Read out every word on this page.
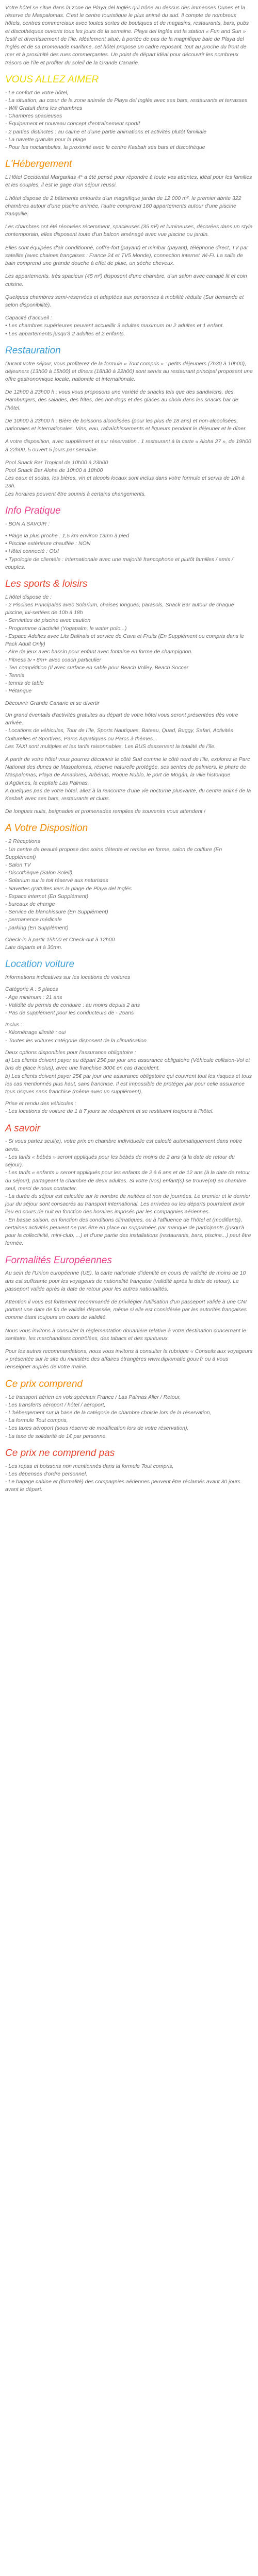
Votre hôtel se situe dans la zone de Playa del Inglés qui trône au dessus des immenses Dunes et la réserve de Maspalomas. C'est le centre touristique le plus animé du sud. Il compte de nombreux hôtels, centres commerciaux avec toutes sortes de boutiques et de magasins, restaurants, bars, pubs et discothèques ouverts tous les jours de la semaine. Playa del Inglés est la station « Fun and Sun » festif et divertissement de l'île. Idéalement situé, à portée de pas de la magnifique baie de Playa del Inglés et de sa promenade maritime, cet hôtel propose un cadre reposant, tout au proche du front de mer et à proximité des rues commerçantes. Un point de départ idéal pour découvrir les nombreux trésors de l'île et profiter du soleil de la Grande Canarie.

VOUS ALLEZ AIMER
- Le confort de votre hôtel,
- La situation, au cœur de la zone animée de Playa del Inglés avec ses bars, restaurants et terrasses
- Wifi Gratuit dans les chambres
- Chambres spacieuses
- Équipement et nouveau concept d'entraînement sportif
- 2 parties distinctes : au calme et d'une partie animations et activités plutôt familiale
- La navette gratuite pour la plage
- Pour les noctambules, la proximité avec le centre Kasbah ses bars et discothèque
L'Hébergement

L'Hôtel Occidental Margaritas 4* a été pensé pour répondre à toute vos attentes, idéal pour les familles et les couples, il est le gage d'un séjour réussi.

L'hôtel dispose de 2 bâtiments entourés d'un magnifique jardin de 12 000 m², le premier abrite 322 chambres autour d'une piscine animée, l'autre comprend 160 appartements autour d'une piscine tranquille.

Les chambres ont été rénovées récemment, spacieuses (35 m²) et lumineuses, décorées dans un style contemporain, elles disposent toute d'un balcon aménagé avec vue piscine ou jardin.

Elles sont équipées d'air conditionné, coffre-fort (payant) et minibar (payant), téléphone direct, TV par satellite (avec chaines françaises : France 24 et TV5 Monde), connection internet Wi-Fi. La salle de bain comprend une grande douche à effet de pluie, un sèche cheveux.

Les appartements, très spacieux (45 m²) disposent d'une chambre, d'un salon avec canapé lit et coin cuisine.

Quelques chambres semi-réservées et adaptées aux personnes à mobilité réduite (Sur demande et selon disponibilité).

Capacité d'accueil :
• Les chambres supérieures peuvent accueillir 3 adultes maximum ou 2 adultes et 1 enfant.
• Les appartements jusqu'à 2 adultes et 2 enfants.
Restauration

Durant votre séjour, vous profiterez de la formule « Tout compris » : petits déjeuners (7h30 à 10h00), déjeuners (13h00 à 15h00) et dîners (18h30 à 22h00) sont servis au restaurant principal proposant une offre gastronomique locale, nationale et internationale.

De 12h00 à 23h00 h : vous vous proposons une variété de snacks tels que des sandwichs, des Hamburgers, des salades, des frites, des hot-dogs et des glaces au choix dans les snacks bar de l'hôtel.

De 10h00 à 23h00 h : Bière de boissons alcoolisées (pour les plus de 18 ans) et non-alcoolisées, nationales et internationales. Vins, eau, rafraîchissements et liqueurs pendant le déjeuner et le dîner.

A votre disposition, avec supplément et sur réservation : 1 restaurant à la carte « Aloha 27 », de 19h00 à 22h00, 5 ouvert 5 jours par semaine.

Pool Snack Bar Tropical de 10h00 à 23h00
Pool Snack Bar Aloha de 10h00 à 18h00
Les eaux et sodas, les bières, vin et alcools locaux sont inclus dans votre formule et servis de 10h à 23h.
Les horaires peuvent être soumis à certains changements.

Info Pratique
- BON A SAVOIR :
• Plage la plus proche : 1,5 km environ 13mn à pied
• Piscine extérieure chauffée : NON
• Hôtel connecté : OUI
• Typologie de clientèle : internationale avec une majorité francophone et plutôt familles / amis / couples.
Les sports & loisirs
L'hôtel dispose de :
- 2 Piscines Principales avec Solarium, chaises longues, parasols, Snack Bar autour de chaque piscine, lui-settées de 10h à 18h
- Serviettes de piscine avec caution
- Programme d'activité (Yogapalm, le water polo...)
- Espace Adultes avec Lits Balinais et service de Cava et Fruits (En Supplément ou compris dans le Pack Adult Only)
- Aire de jeux avec bassin pour enfant avec fontaine en forme de champignon.
- Fitness tv • 8m+ avec coach particulier
- Ten compétition (Il avec surface en sable pour Beach Volley, Beach Soccer
- Tennis
- tennis de table
- Pétanque
Découvrir Grande Canarie et se divertir
Un grand éventails d'activités gratuites au départ de votre hôtel vous seront présentées dès votre arrivée.
- Locations de véhicules, Tour de l'île, Sports Nautiques, Bateau, Quad, Buggy, Safari, Activités Culturelles et Sportives, Parcs Aquatiques ou Parcs à thèmes...
Les TAXI sont multiples et les tarifs raisonnables. Les BUS desservent la totalité de l'île.

A partir de votre hôtel vous pourrez découvrir le côté Sud comme le côté nord de l'île, explorez le Parc National des dunes de Maspalomas, réserve naturelle protégée, ses sentes de palmiers, le phare de Maspalomas, Playa de Amadores, Arbénas, Roque Nublo, le port de Mogán, la ville historique d'Agüimes, la capitale Las Palmas.
A quelques pas de votre hôtel, allez à la rencontre d'une vie nocturne plusvante, du centre animé de la Kasbah avec ses bars, restaurants et clubs.

De longues nuits, baignades et promenades remplies de souvenirs vous attendent !

A Votre Disposition
- 2 Réceptions
- Un centre de beauté propose des soins détente et remise en forme, salon de coiffure (En Supplément)
- Salon TV
- Discothèque (Salon Soleil)
- Solarium sur le toit réservé aux naturistes
- Navettes gratuites vers la plage de Playa del Inglés
- Espace internet (En Supplément)
- bureaux de change
- Service de blanchissure (En Supplément)
- permanence médicale
- parking (En Supplément)
Check-in à partir 15h00 et Check-out à 12h00
Late departs et à 30mn.
Location voiture
Informations indicatives sur les locations de voitures
Catégorie A : 5 places
- Age minimum : 21 ans
- Validité du permis de conduire : au moins depuis 2 ans
- Pas de supplément pour les conducteurs de - 25ans
Inclus :
- Kilométrage illimité : oui
- Toutes les voitures catégorie disposent de la climatisation.
Deux options disponibles pour l'assurance obligatoire :
a) Les clients doivent payer au départ 25€ par jour une assurance obligatoire (Véhicule collision-Vol et bris de glace inclus), avec une franchise 300€ en cas d'accident.
b) Les clients doivent payer 25€ par jour une assurance obligatoire qui couvrent tout les risques et tous les cas mentionnés plus haut, sans franchise. Il est impossible de protéger par pour celle assurance tous risques sans franchise (même avec un supplément).
Prise et rendu des véhicules :
- Les locations de voiture de 1 à 7 jours se récupèrent et se restituent toujours à l'hôtel.
A savoir
- Si vous partez seul(e), votre prix en chambre individuelle est calculé automatiquement dans notre devis.
- Les tarifs « bébés » seront appliqués pour les bébés de moins de 2 ans (à la date de retour du séjour).
- Les tarifs « enfants » seront appliqués pour les enfants de 2 à 6 ans et de 12 ans (à la date de retour du séjour), partageant la chambre de deux adultes. Si votre (vos) enfant(s) se trouve(nt) en chambre seul, merci de nous contacter.
- La durée du séjour est calculée sur le nombre de nuitées et non de journées. Le premier et le dernier jour du séjour sont consacrés au transport international. Les arrivées ou les départs pourraient avoir lieu en cours de nuit en fonction des horaires imposés par les compagnies aériennes.
- En basse saison, en fonction des conditions climatiques, ou à l'affluence de l'hôtel et (modifiants), certaines activités peuvent ne pas être en place ou supprimées par manque de participants (jusqu'à pour la collectivité, mini-club, ...) et d'une partie des installations (restaurants, bars, piscine...) peut être fermée.
Formalités Européennes

Au sein de l'Union européenne (UE), la carte nationale d'identité en cours de validité de moins de 10 ans est suffisante pour les voyageurs de nationalité française (validité après la date de retour). Le passeport valide après la date de retour pour les autres nationalités.

Attention il vous est fortement recommandé de privilégier l'utilisation d'un passeport valide à une CNI portant une date de fin de validité dépassée, même si elle est considérée par les autorités françaises comme étant toujours en cours de validité.

Nous vous invitons à consulter la réglementation douanière relative à votre destination concernant le sanitaire, les marchandises contrôlées, des tabacs et des spiritueux.

Pour les autres recommandations, nous vous invitons à consulter la rubrique « Conseils aux voyageurs » présentée sur le site du ministère des affaires étrangères www.diplomatie.gouv.fr ou à vous renseigner auprès de votre mairie.

Ce prix comprend
- Le transport aérien en vols spéciaux France / Las Palmas Aller / Retour,
- Les transferts aéroport / hôtel / aéroport,
- L'hébergement sur la base de la catégorie de chambre choisie lors de la réservation,
- La formule Tout compris,
- Les taxes aéroport (sous réserve de modification lors de votre réservation),
- La taxe de solidarité de 1€ par personne.
Ce prix ne comprend pas
- Les repas et boissons non mentionnés dans la formule Tout compris,
- Les dépenses d'ordre personnel,
- Le bagage cabine et (formalité) des compagnies aériennes peuvent être réclamés avant 30 jours avant le départ.
